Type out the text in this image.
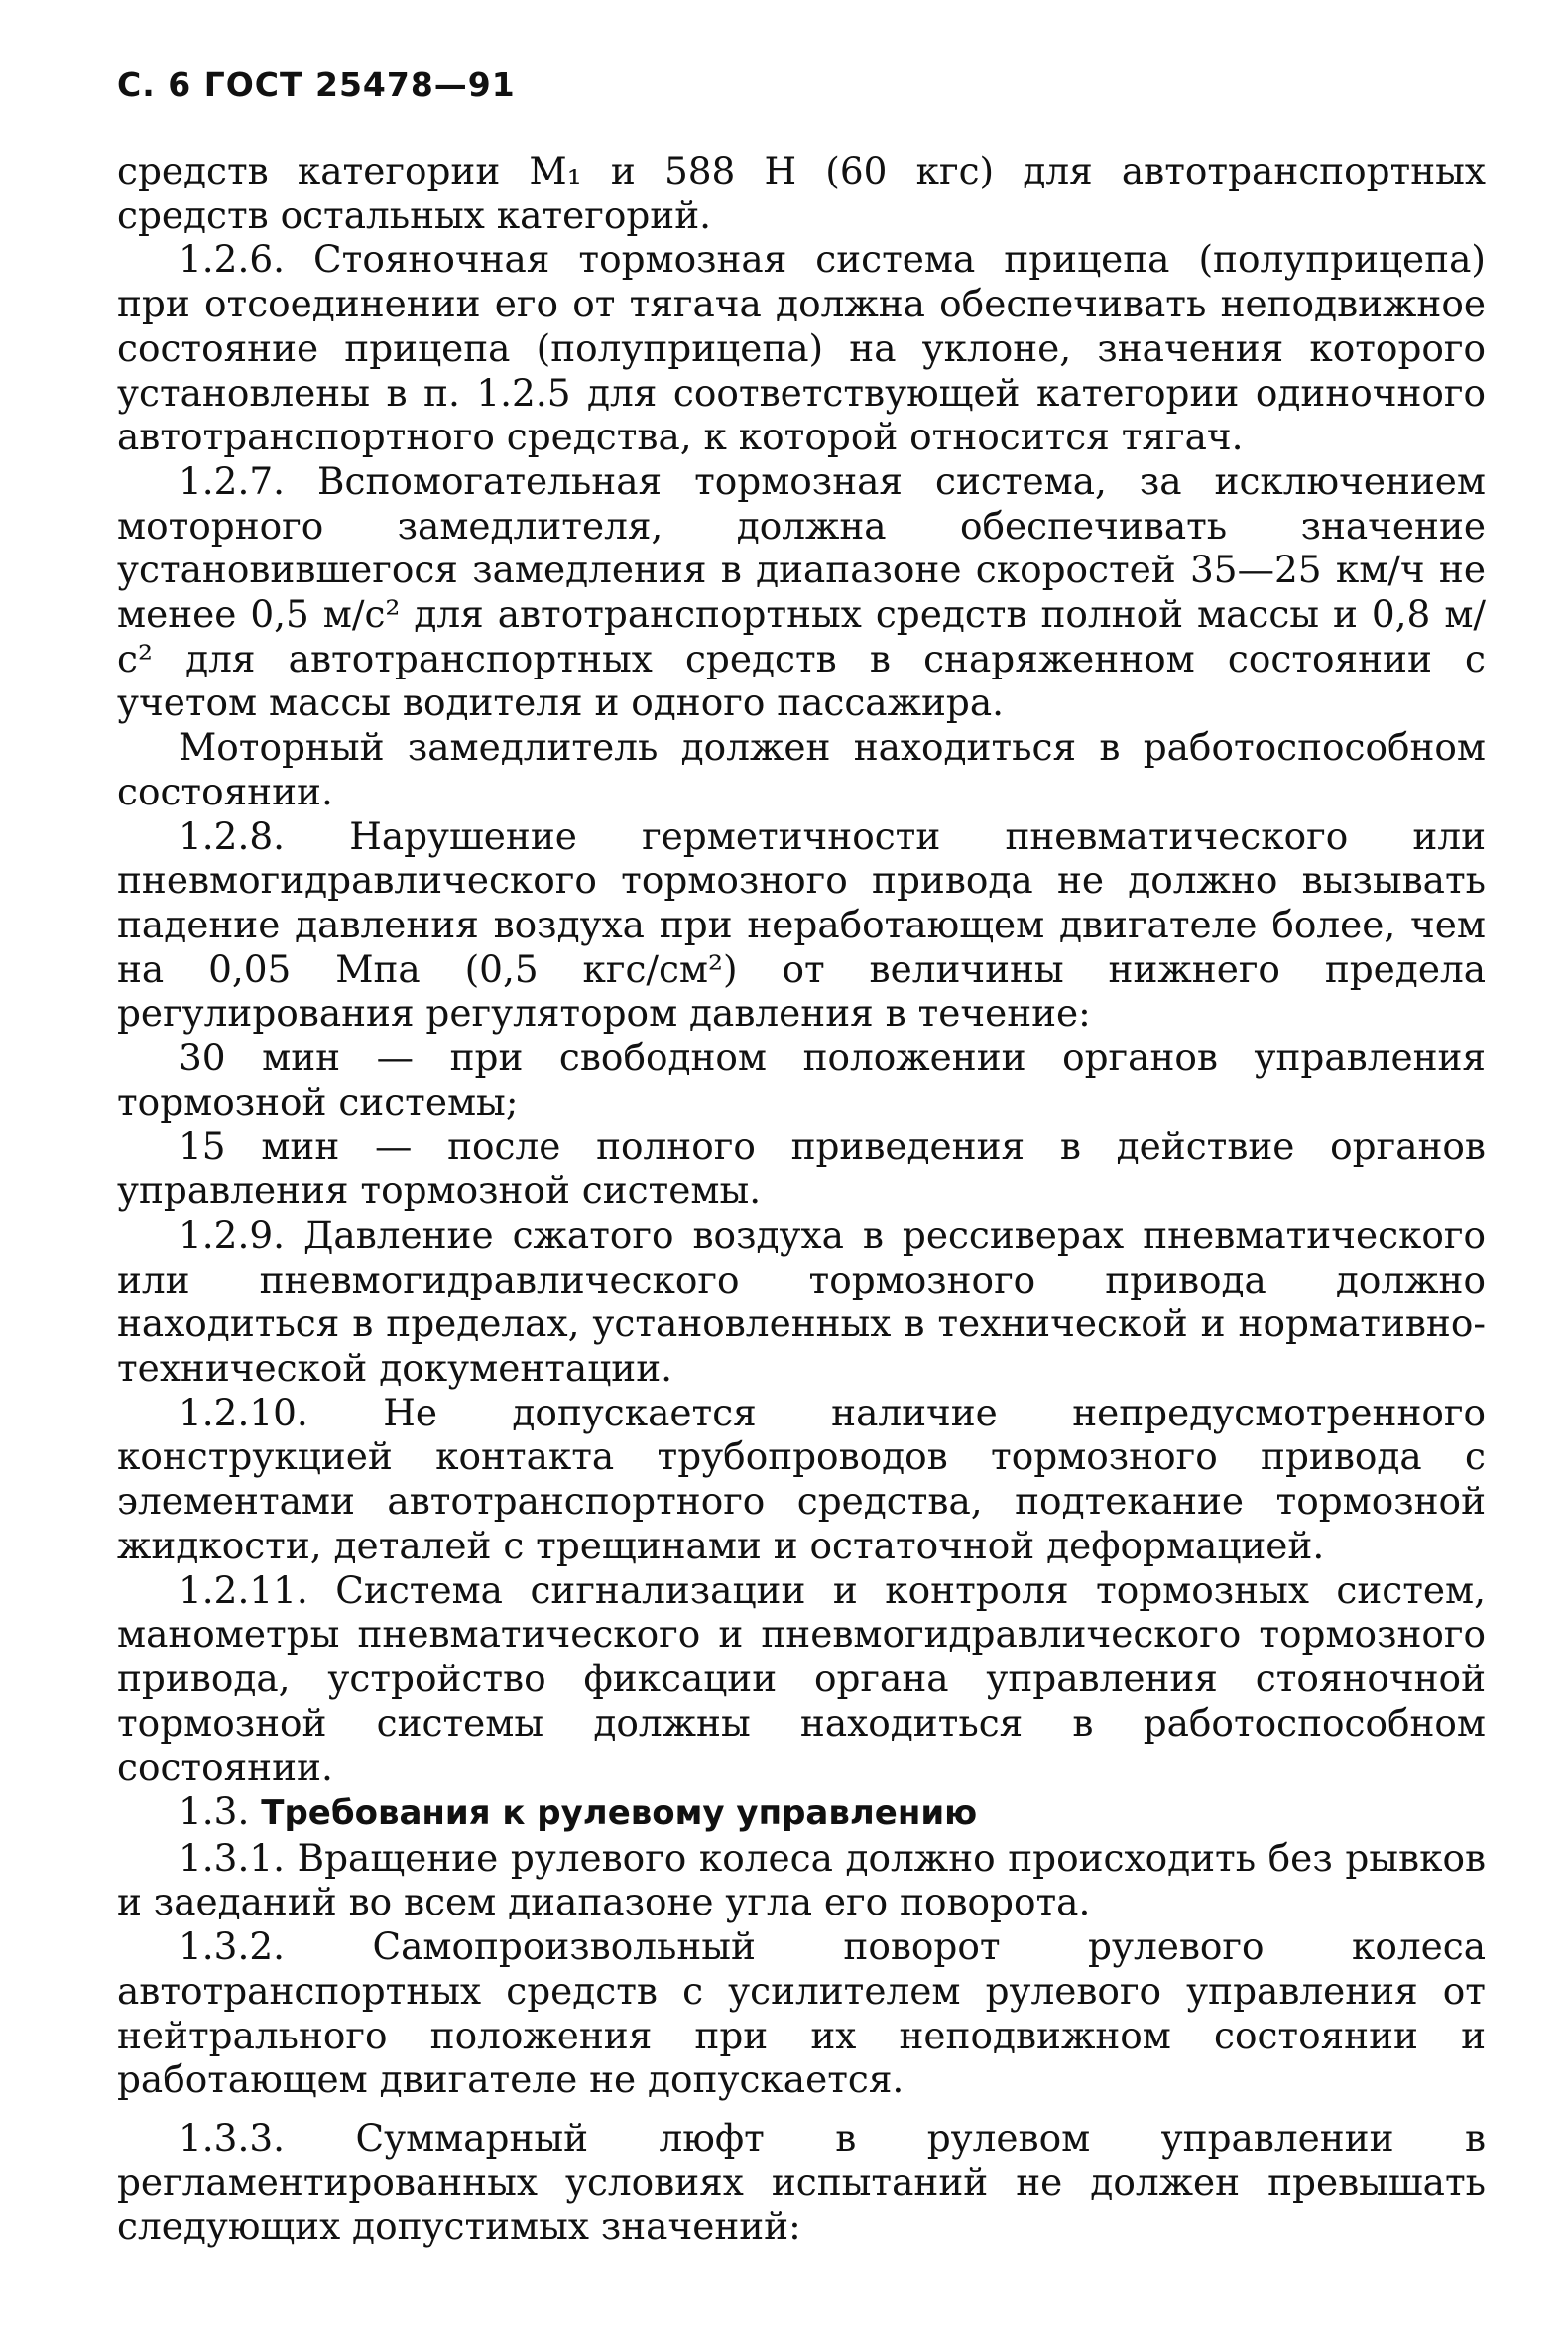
С. 6 ГОСТ 25478—91

средств категории М₁ и 588 Н (60 кгс) для автотранспортных средств остальных категорий.

1.2.6. Стояночная тормозная система прицепа (полуприцепа) при отсоединении его от тягача должна обеспечивать неподвижное состояние прицепа (полуприцепа) на уклоне, значения которого установлены в п. 1.2.5 для соответствующей категории одиночного автотранспортного средства, к которой относится тягач.

1.2.7. Вспомогательная тормозная система, за исключением моторного замедлителя, должна обеспечивать значение установившегося замедления в диапазоне скоростей 35—25 км/ч не менее 0,5 м/с² для автотранспортных средств полной массы и 0,8 м/с² для автотранспортных средств в снаряженном состоянии с учетом массы водителя и одного пассажира.

Моторный замедлитель должен находиться в работоспособном состоянии.

1.2.8. Нарушение герметичности пневматического или пневмогидравлического тормозного привода не должно вызывать падение давления воздуха при неработающем двигателе более, чем на 0,05 Мпа (0,5 кгс/см²) от величины нижнего предела регулирования регулятором давления в течение:

30 мин — при свободном положении органов управления тормозной системы;

15 мин — после полного приведения в действие органов управления тормозной системы.

1.2.9. Давление сжатого воздуха в рессиверах пневматического или пневмогидравлического тормозного привода должно находиться в пределах, установленных в технической и нормативно-технической документации.

1.2.10. Не допускается наличие непредусмотренного конструкцией контакта трубопроводов тормозного привода с элементами автотранспортного средства, подтекание тормозной жидкости, деталей с трещинами и остаточной деформацией.

1.2.11. Система сигнализации и контроля тормозных систем, манометры пневматического и пневмогидравлического тормозного привода, устройство фиксации органа управления стояночной тормозной системы должны находиться в работоспособном состоянии.

1.3. Требования к рулевому управлению

1.3.1. Вращение рулевого колеса должно происходить без рывков и заеданий во всем диапазоне угла его поворота.

1.3.2. Самопроизвольный поворот рулевого колеса автотранспортных средств с усилителем рулевого управления от нейтрального положения при их неподвижном состоянии и работающем двигателе не допускается.

1.3.3. Суммарный люфт в рулевом управлении в регламентированных условиях испытаний не должен превышать следующих допустимых значений:
